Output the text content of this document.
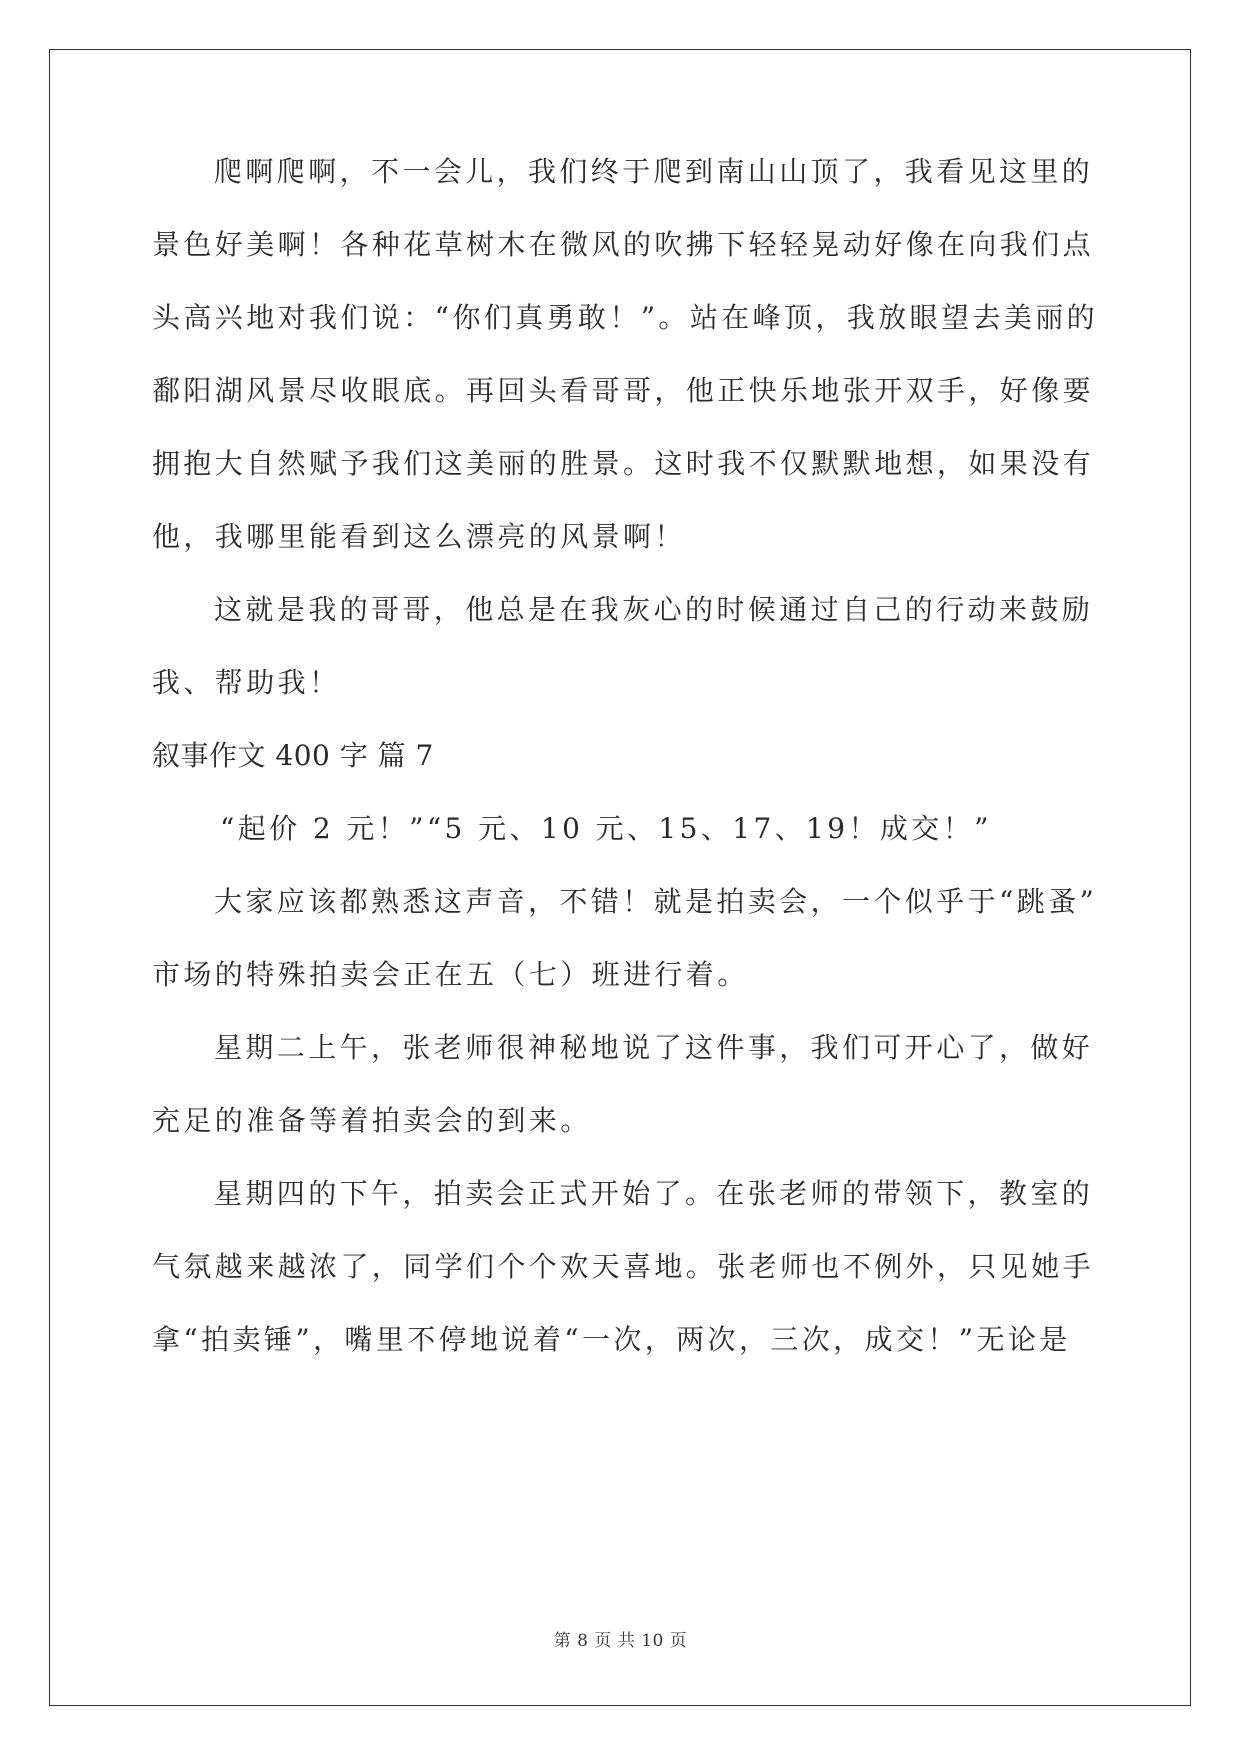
爬啊爬啊，不一会儿，我们终于爬到南山山顶了，我看见这里的
景色好美啊！各种花草树木在微风的吹拂下轻轻晃动好像在向我们点
头高兴地对我们说：“你们真勇敢！”。站在峰顶，我放眼望去美丽的
鄱阳湖风景尽收眼底。再回头看哥哥，他正快乐地张开双手，好像要
拥抱大自然赋予我们这美丽的胜景。这时我不仅默默地想，如果没有
他，我哪里能看到这么漂亮的风景啊！
这就是我的哥哥，他总是在我灰心的时候通过自己的行动来鼓励
我、帮助我！
叙事作文 400 字 篇 7
“起价 2 元！”“5 元、10 元、15、17、19！成交！”
大家应该都熟悉这声音，不错！就是拍卖会，一个似乎于“跳蚤”
市场的特殊拍卖会正在五（七）班进行着。
星期二上午，张老师很神秘地说了这件事，我们可开心了，做好
充足的准备等着拍卖会的到来。
星期四的下午，拍卖会正式开始了。在张老师的带领下，教室的
气氛越来越浓了，同学们个个欢天喜地。张老师也不例外，只见她手
拿“拍卖锤”，嘴里不停地说着“一次，两次，三次，成交！”无论是
第 8 页 共 10 页
